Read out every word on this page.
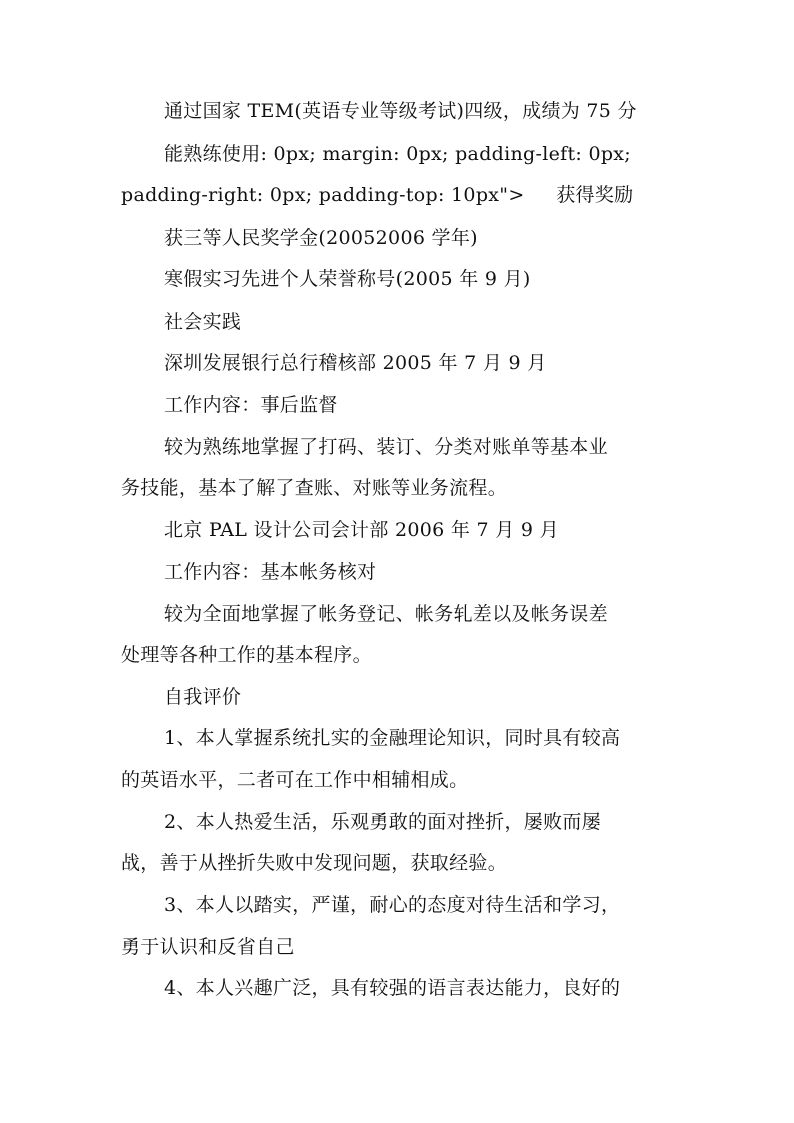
通过国家 TEM(英语专业等级考试)四级，成绩为 75 分

能熟练使用: 0px; margin: 0px; padding-left: 0px;

padding-right: 0px; padding-top: 10px">     获得奖励

获三等人民奖学金(20052006 学年)

寒假实习先进个人荣誉称号(2005 年 9 月)

社会实践

深圳发展银行总行稽核部 2005 年 7 月 9 月

工作内容：事后监督

较为熟练地掌握了打码、装订、分类对账单等基本业

务技能，基本了解了查账、对账等业务流程。

北京 PAL 设计公司会计部 2006 年 7 月 9 月

工作内容：基本帐务核对

较为全面地掌握了帐务登记、帐务轧差以及帐务误差

处理等各种工作的基本程序。

自我评价

1、本人掌握系统扎实的金融理论知识，同时具有较高

的英语水平，二者可在工作中相辅相成。

2、本人热爱生活，乐观勇敢的面对挫折，屡败而屡

战，善于从挫折失败中发现问题，获取经验。

3、本人以踏实，严谨，耐心的态度对待生活和学习，

勇于认识和反省自己

4、本人兴趣广泛，具有较强的语言表达能力，良好的
